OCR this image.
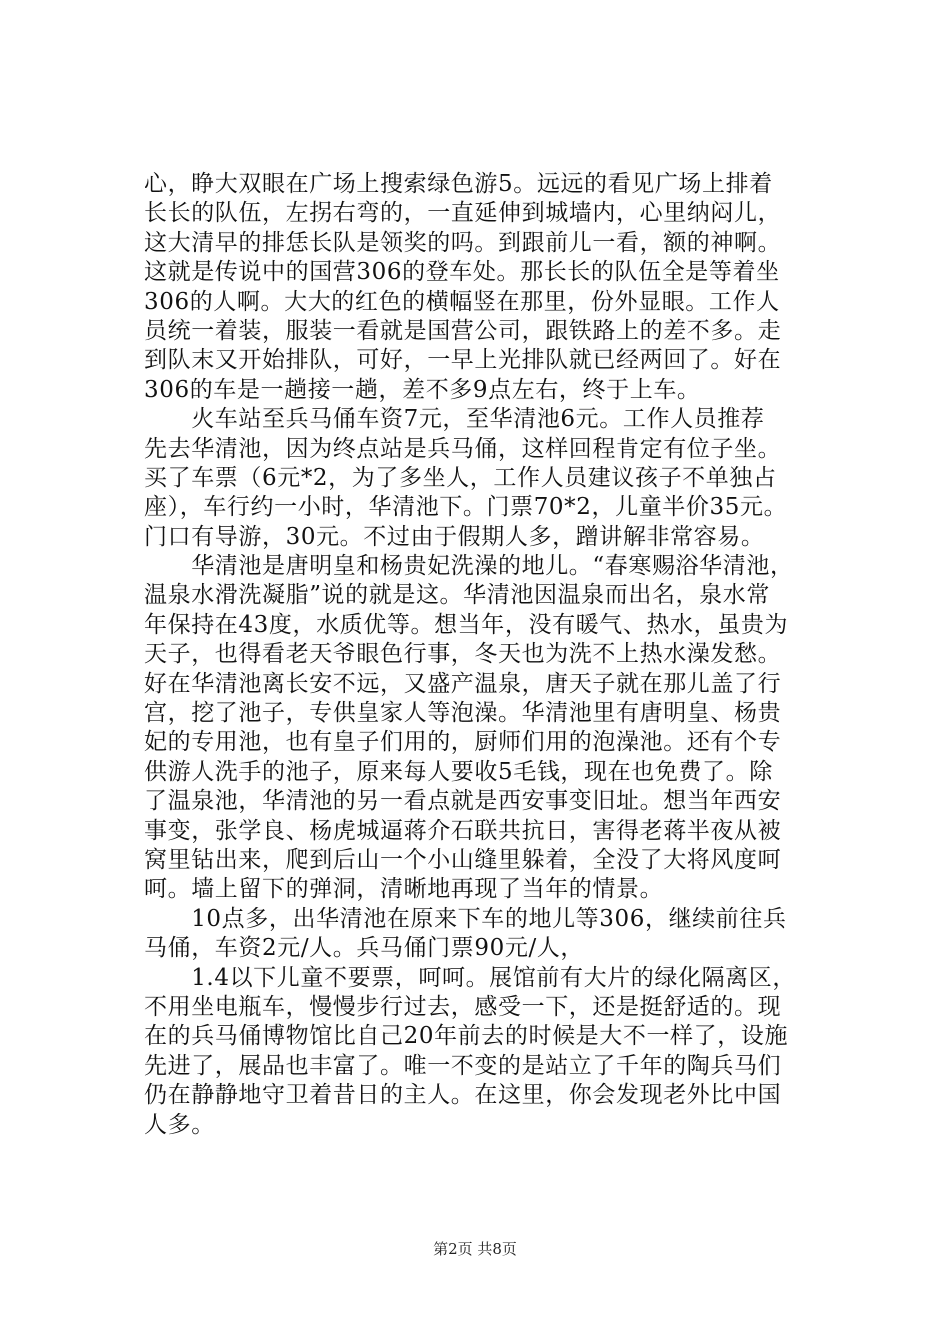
心，睁大双眼在广场上搜索绿色游5。远远的看见广场上排着
长长的队伍，左拐右弯的，一直延伸到城墙内，心里纳闷儿，
这大清早的排恁长队是领奖的吗。到跟前儿一看，额的神啊。
这就是传说中的国营306的登车处。那长长的队伍全是等着坐
306的人啊。大大的红色的横幅竖在那里，份外显眼。工作人
员统一着装，服装一看就是国营公司，跟铁路上的差不多。走
到队末又开始排队，可好，一早上光排队就已经两回了。好在
306的车是一趟接一趟，差不多9点左右，终于上车。
　　火车站至兵马俑车资7元，至华清池6元。工作人员推荐
先去华清池，因为终点站是兵马俑，这样回程肯定有位子坐。
买了车票（6元*2，为了多坐人，工作人员建议孩子不单独占
座），车行约一小时，华清池下。门票70*2，儿童半价35元。
门口有导游，30元。不过由于假期人多，蹭讲解非常容易。
　　华清池是唐明皇和杨贵妃洗澡的地儿。“春寒赐浴华清池，
温泉水滑洗凝脂”说的就是这。华清池因温泉而出名，泉水常
年保持在43度，水质优等。想当年，没有暖气、热水，虽贵为
天子，也得看老天爷眼色行事，冬天也为洗不上热水澡发愁。
好在华清池离长安不远，又盛产温泉，唐天子就在那儿盖了行
宫，挖了池子，专供皇家人等泡澡。华清池里有唐明皇、杨贵
妃的专用池，也有皇子们用的，厨师们用的泡澡池。还有个专
供游人洗手的池子，原来每人要收5毛钱，现在也免费了。除
了温泉池，华清池的另一看点就是西安事变旧址。想当年西安
事变，张学良、杨虎城逼蒋介石联共抗日，害得老蒋半夜从被
窝里钻出来，爬到后山一个小山缝里躲着，全没了大将风度呵
呵。墙上留下的弹洞，清晰地再现了当年的情景。
　　10点多，出华清池在原来下车的地儿等306，继续前往兵
马俑，车资2元/人。兵马俑门票90元/人，
　　1.4以下儿童不要票，呵呵。展馆前有大片的绿化隔离区，
不用坐电瓶车，慢慢步行过去，感受一下，还是挺舒适的。现
在的兵马俑博物馆比自己20年前去的时候是大不一样了，设施
先进了，展品也丰富了。唯一不变的是站立了千年的陶兵马们
仍在静静地守卫着昔日的主人。在这里，你会发现老外比中国
人多。
第2页 共8页
